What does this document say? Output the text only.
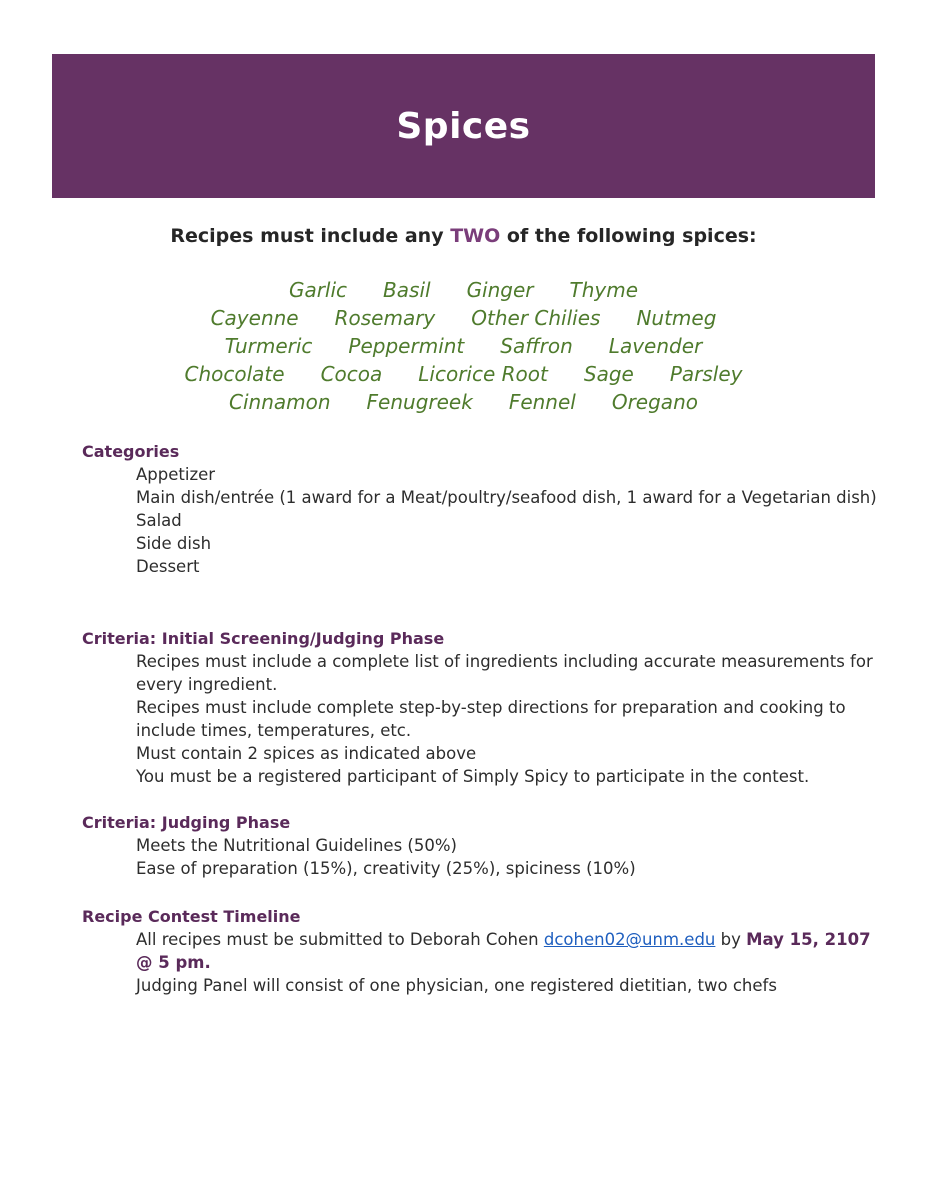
Spices
Recipes must include any TWO of the following spices:
Garlic Basil Ginger Thyme
Cayenne Rosemary Other Chilies Nutmeg
Turmeric Peppermint Saffron Lavender
Chocolate Cocoa Licorice Root Sage Parsley
Cinnamon Fenugreek Fennel Oregano
Categories
Appetizer
Main dish/entrée (1 award for a Meat/poultry/seafood dish, 1 award for a Vegetarian dish)
Salad
Side dish
Dessert
Criteria: Initial Screening/Judging Phase
Recipes must include a complete list of ingredients including accurate measurements for every ingredient.
Recipes must include complete step-by-step directions for preparation and cooking to include times, temperatures, etc.
Must contain 2 spices as indicated above
You must be a registered participant of Simply Spicy to participate in the contest.
Criteria: Judging Phase
Meets the Nutritional Guidelines (50%)
Ease of preparation (15%), creativity (25%), spiciness (10%)
Recipe Contest Timeline
All recipes must be submitted to Deborah Cohen dcohen02@unm.edu by May 15, 2107 @ 5 pm.
Judging Panel will consist of one physician, one registered dietitian, two chefs
